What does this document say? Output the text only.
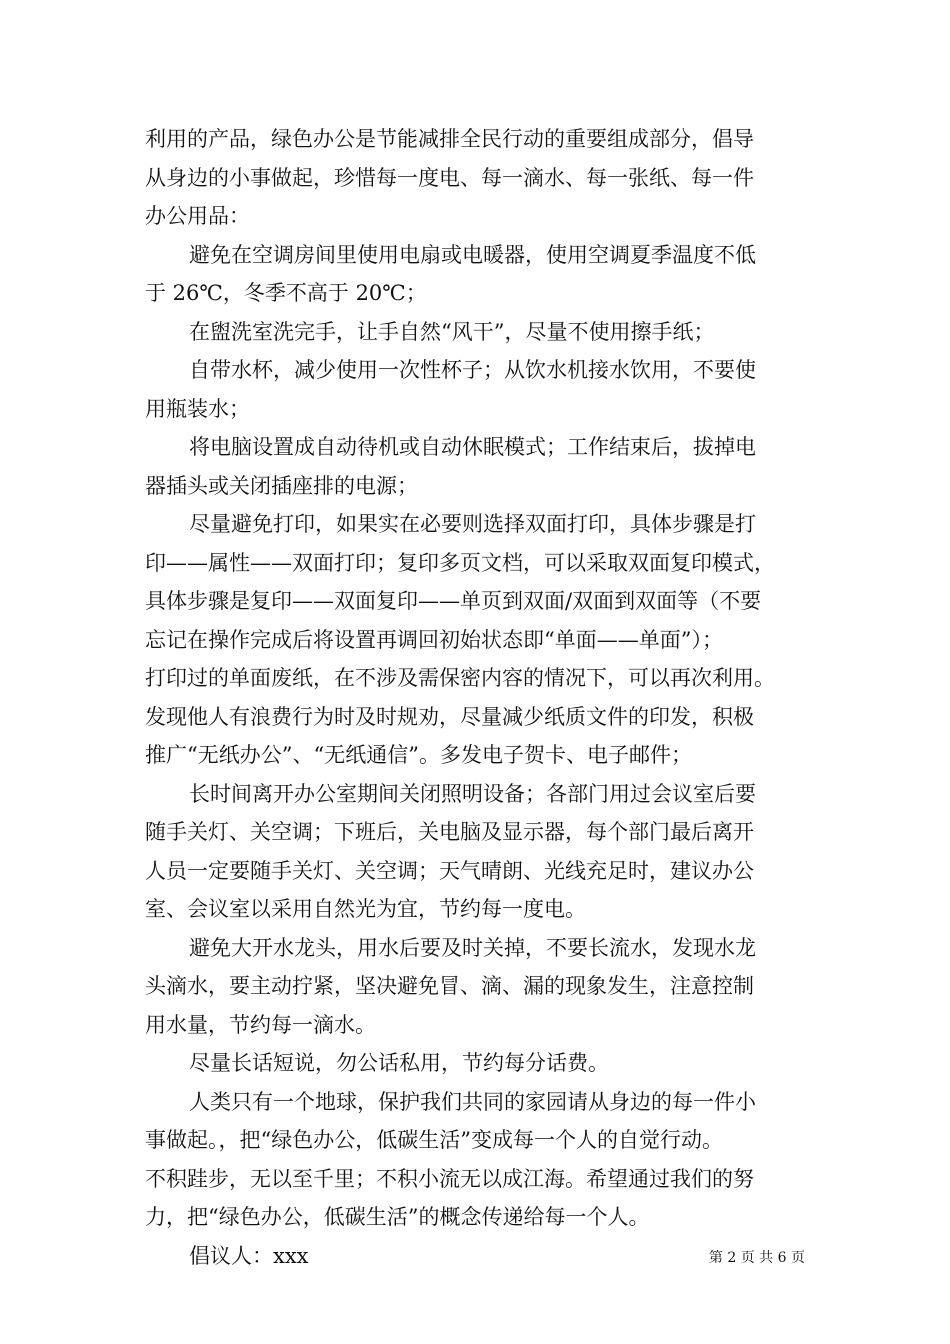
利用的产品，绿色办公是节能减排全民行动的重要组成部分，倡导
从身边的小事做起，珍惜每一度电、每一滴水、每一张纸、每一件
办公用品：

避免在空调房间里使用电扇或电暖器，使用空调夏季温度不低
于 26℃，冬季不高于 20℃；

在盥洗室洗完手，让手自然“风干”，尽量不使用擦手纸；

自带水杯，减少使用一次性杯子；从饮水机接水饮用，不要使
用瓶装水；

将电脑设置成自动待机或自动休眠模式；工作结束后，拔掉电
器插头或关闭插座排的电源；

尽量避免打印，如果实在必要则选择双面打印，具体步骤是打
印——属性——双面打印；复印多页文档，可以采取双面复印模式，
具体步骤是复印——双面复印——单页到双面/双面到双面等（不要
忘记在操作完成后将设置再调回初始状态即“单面——单面”）；
打印过的单面废纸，在不涉及需保密内容的情况下，可以再次利用。
发现他人有浪费行为时及时规劝，尽量减少纸质文件的印发，积极
推广“无纸办公”、“无纸通信”。多发电子贺卡、电子邮件；

长时间离开办公室期间关闭照明设备；各部门用过会议室后要
随手关灯、关空调；下班后，关电脑及显示器，每个部门最后离开
人员一定要随手关灯、关空调；天气晴朗、光线充足时，建议办公
室、会议室以采用自然光为宜，节约每一度电。

避免大开水龙头，用水后要及时关掉，不要长流水，发现水龙
头滴水，要主动拧紧，坚决避免冒、滴、漏的现象发生，注意控制
用水量，节约每一滴水。

尽量长话短说，勿公话私用，节约每分话费。

人类只有一个地球，保护我们共同的家园请从身边的每一件小
事做起。，把“绿色办公，低碳生活”变成每一个人的自觉行动。
不积跬步，无以至千里；不积小流无以成江海。希望通过我们的努
力，把“绿色办公，低碳生活”的概念传递给每一个人。

倡议人：xxx	第 2 页 共 6 页
